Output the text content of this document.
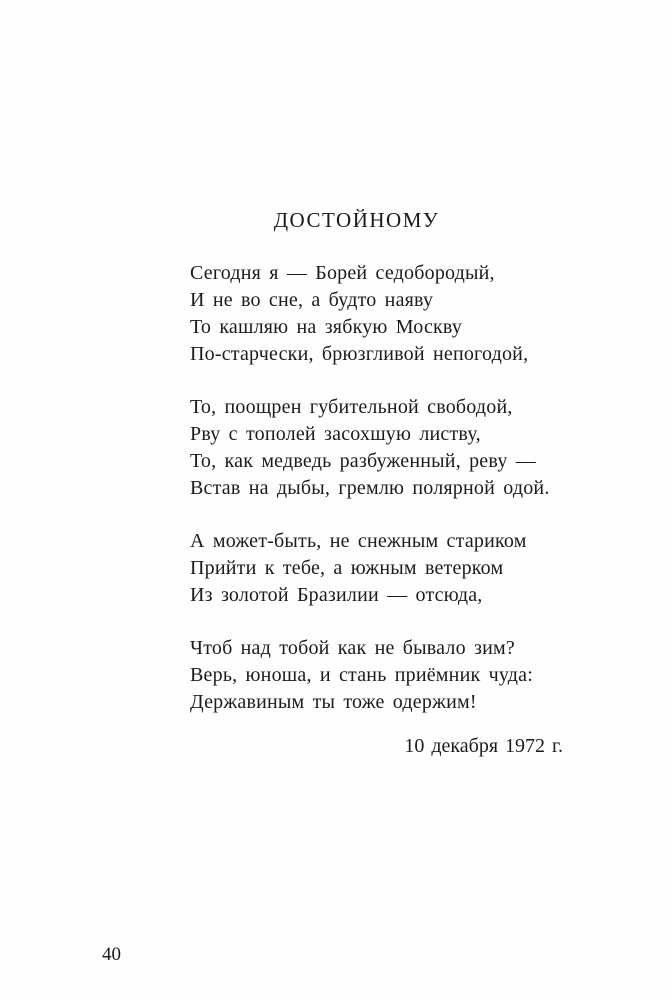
ДОСТОЙНОМУ
Сегодня я — Борей седобородый,
И не во сне, а будто наяву
То кашляю на зябкую Москву
По-старчески, брюзгливой непогодой,
То, поощрен губительной свободой,
Рву с тополей засохшую листву,
То, как медведь разбуженный, реву —
Встав на дыбы, гремлю полярной одой.
А может-быть, не снежным стариком
Прийти к тебе, а южным ветерком
Из золотой Бразилии — отсюда,
Чтоб над тобой как не бывало зим?
Верь, юноша, и стань приёмник чуда:
Державиным ты тоже одержим!
10 декабря 1972 г.
40
